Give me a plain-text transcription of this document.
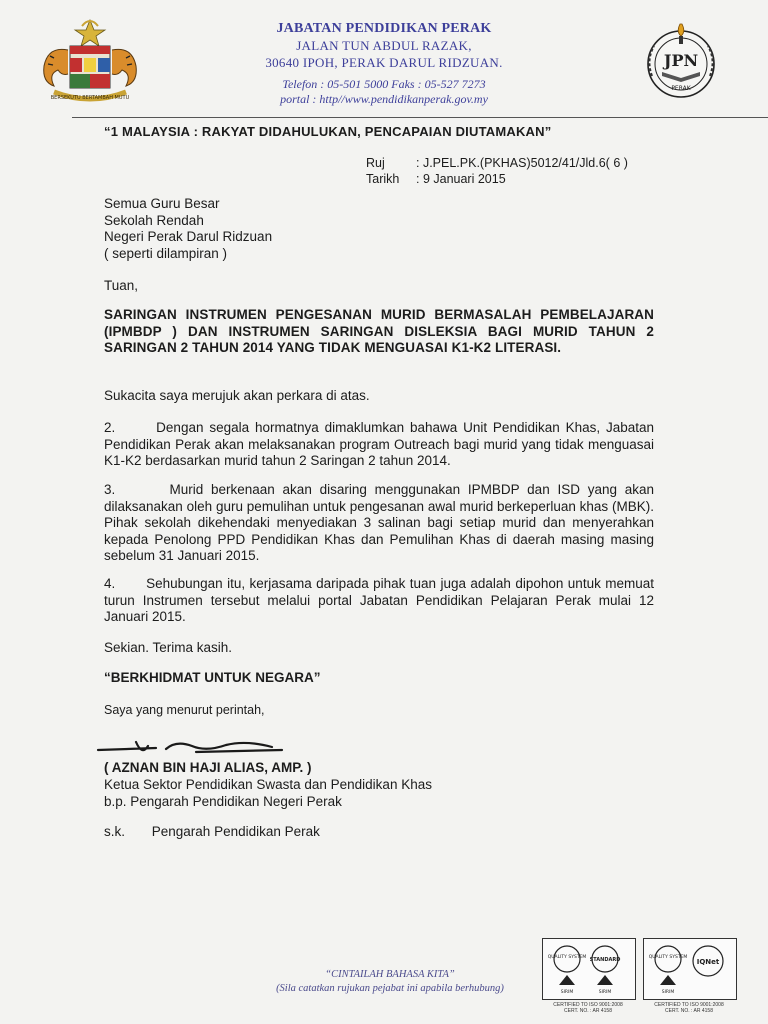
BERSEKUTU BERTAMBAH MUTU
JABATAN PENDIDIKAN PERAK
JALAN TUN ABDUL RAZAK,
30640 IPOH, PERAK DARUL RIDZUAN.
Telefon : 05-501 5000 Faks : 05-527 7273
portal : http//www.pendidikanperak.gov.my
JPN
PERAK
“1 MALAYSIA : RAKYAT DIDAHULUKAN, PENCAPAIAN DIUTAMAKAN”
Ruj	: J.PEL.PK.(PKHAS)5012/41/Jld.6( 6 )
Tarikh	: 9 Januari 2015
Semua Guru Besar
Sekolah Rendah
Negeri Perak Darul Ridzuan
( seperti dilampiran )
Tuan,
SARINGAN INSTRUMEN PENGESANAN MURID BERMASALAH PEMBELAJARAN (IPMBDP ) DAN INSTRUMEN SARINGAN DISLEKSIA BAGI MURID TAHUN 2 SARINGAN 2 TAHUN 2014 YANG TIDAK MENGUASAI K1-K2 LITERASI.
Sukacita saya merujuk akan perkara di atas.
2.       Dengan segala hormatnya dimaklumkan bahawa Unit Pendidikan Khas, Jabatan Pendidikan Perak akan melaksanakan program Outreach bagi murid yang tidak menguasai K1-K2 berdasarkan murid tahun 2 Saringan 2 tahun 2014.
3.       Murid berkenaan akan disaring menggunakan IPMBDP dan ISD yang akan dilaksanakan oleh guru pemulihan untuk pengesanan awal murid berkeperluan khas (MBK). Pihak sekolah dikehendaki menyediakan 3 salinan bagi setiap murid dan menyerahkan kepada Penolong PPD Pendidikan Khas dan Pemulihan Khas di daerah masing masing sebelum 31 Januari 2015.
4.       Sehubungan itu, kerjasama daripada pihak tuan juga adalah dipohon untuk memuat turun Instrumen tersebut melalui portal Jabatan Pendidikan Pelajaran Perak mulai 12 Januari 2015.
Sekian. Terima kasih.
“BERKHIDMAT UNTUK NEGARA”
Saya yang menurut perintah,
( AZNAN BIN HAJI ALIAS, AMP. )
Ketua Sektor Pendidikan Swasta dan Pendidikan Khas
b.p. Pengarah Pendidikan Negeri Perak
s.k. Pengarah Pendidikan Perak
“CINTAILAH BAHASA KITA”
(Sila catatkan rujukan pejabat ini apabila berhubung)
QUALITY SYSTEM STANDARD
SIRIM	SIRIM
QUALITY SYSTEM
IQNet
SIRIM
CERTIFIED TO ISO 9001:2008
CERT. NO. : AR 4158
CERTIFIED TO ISO 9001:2008
CERT. NO. : AR 4158
